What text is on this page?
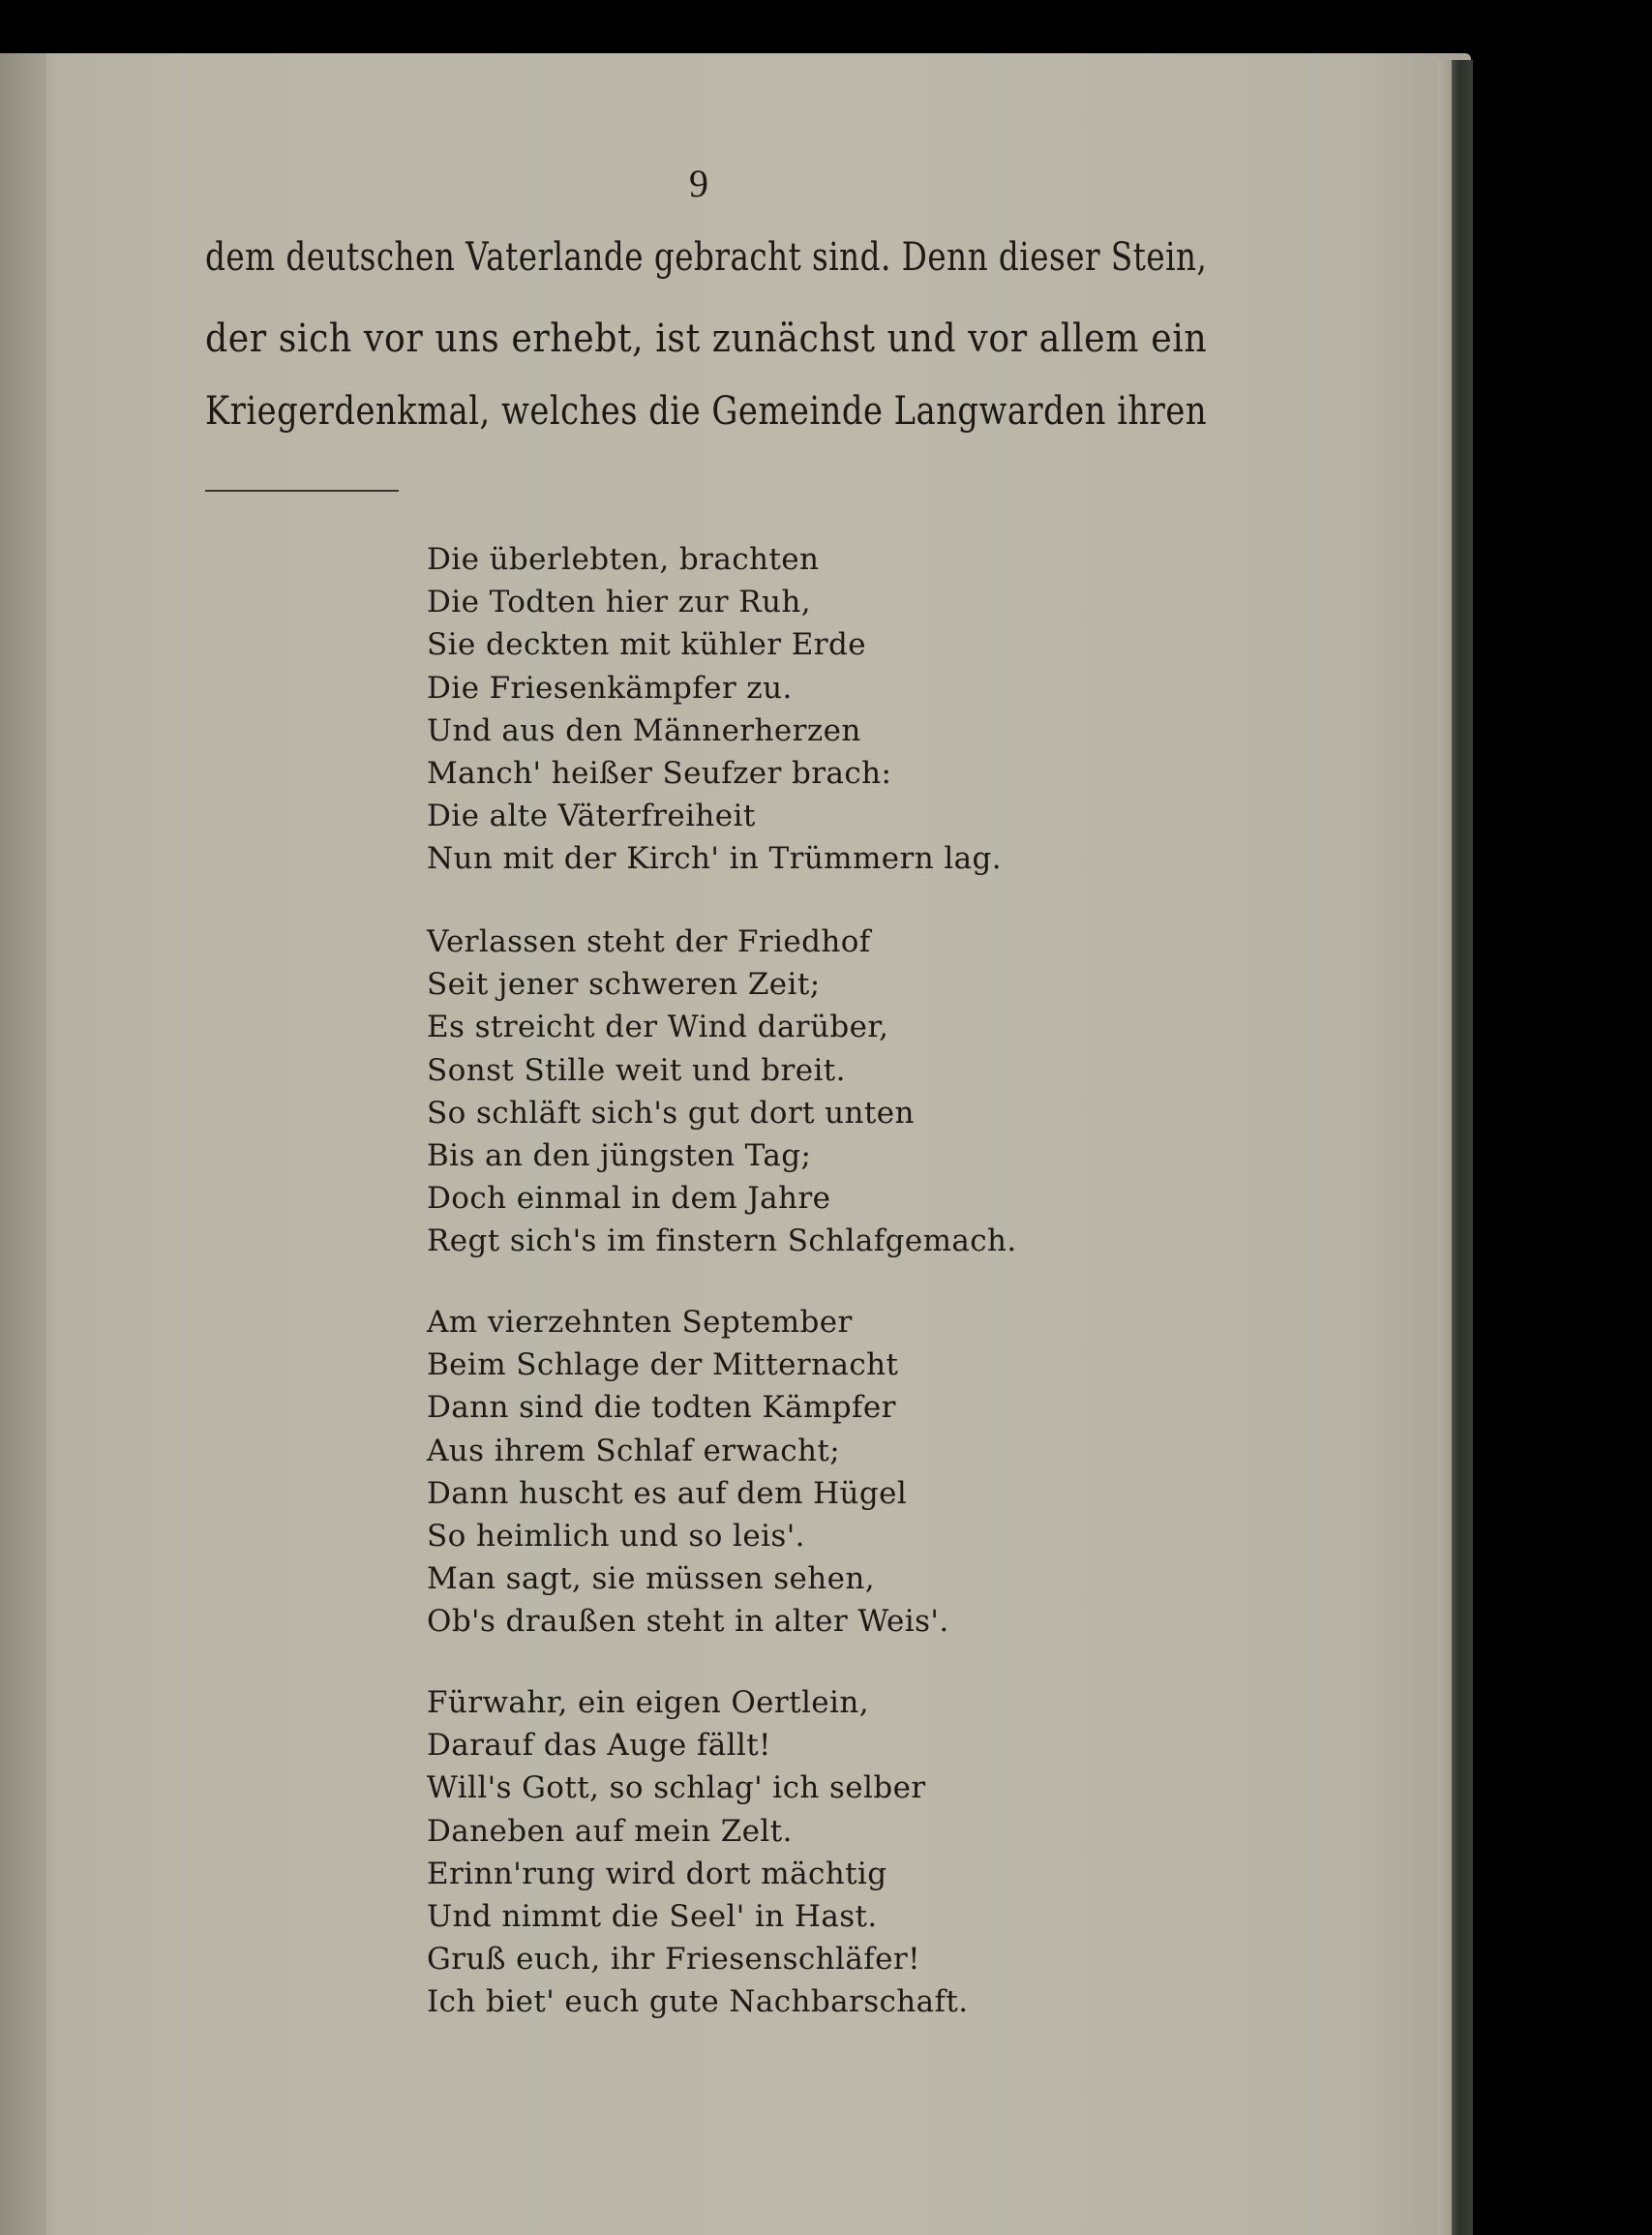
9
dem deutschen Vaterlande gebracht sind. Denn dieser Stein,
der sich vor uns erhebt, ist zunächst und vor allem ein
Kriegerdenkmal, welches die Gemeinde Langwarden ihren
Die überlebten, brachten
Die Todten hier zur Ruh,
Sie deckten mit kühler Erde
Die Friesenkämpfer zu.
Und aus den Männerherzen
Manch' heißer Seufzer brach:
Die alte Väterfreiheit
Nun mit der Kirch' in Trümmern lag.
Verlassen steht der Friedhof
Seit jener schweren Zeit;
Es streicht der Wind darüber,
Sonst Stille weit und breit.
So schläft sich's gut dort unten
Bis an den jüngsten Tag;
Doch einmal in dem Jahre
Regt sich's im finstern Schlafgemach.
Am vierzehnten September
Beim Schlage der Mitternacht
Dann sind die todten Kämpfer
Aus ihrem Schlaf erwacht;
Dann huscht es auf dem Hügel
So heimlich und so leis'.
Man sagt, sie müssen sehen,
Ob's draußen steht in alter Weis'.
Fürwahr, ein eigen Oertlein,
Darauf das Auge fällt!
Will's Gott, so schlag' ich selber
Daneben auf mein Zelt.
Erinn'rung wird dort mächtig
Und nimmt die Seel' in Hast.
Gruß euch, ihr Friesenschläfer!
Ich biet' euch gute Nachbarschaft.
